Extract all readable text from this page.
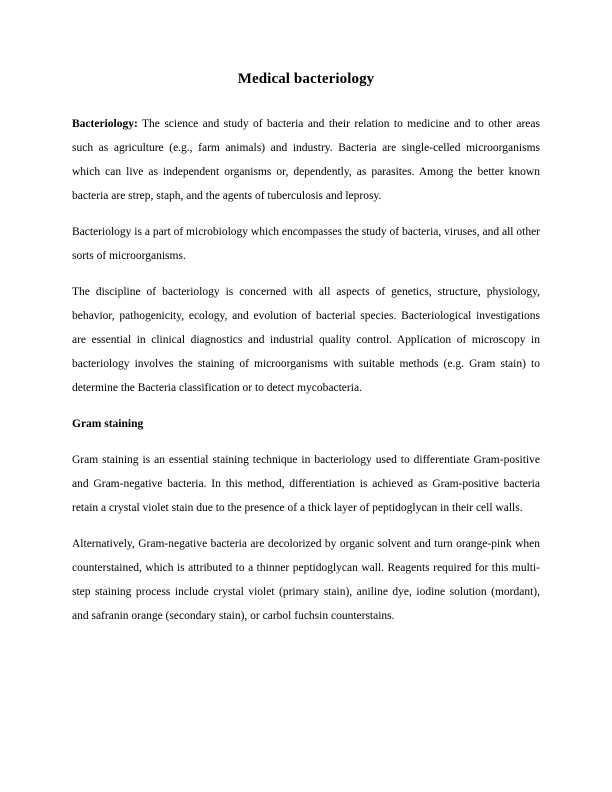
Medical bacteriology

Bacteriology: The science and study of bacteria and their relation to medicine and to other areas such as agriculture (e.g., farm animals) and industry. Bacteria are single-celled microorganisms which can live as independent organisms or, dependently, as parasites. Among the better known bacteria are strep, staph, and the agents of tuberculosis and leprosy.

Bacteriology is a part of microbiology which encompasses the study of bacteria, viruses, and all other sorts of microorganisms.

The discipline of bacteriology is concerned with all aspects of genetics, structure, physiology, behavior, pathogenicity, ecology, and evolution of bacterial species. Bacteriological investigations are essential in clinical diagnostics and industrial quality control. Application of microscopy in bacteriology involves the staining of microorganisms with suitable methods (e.g. Gram stain) to determine the Bacteria classification or to detect mycobacteria.

Gram staining

Gram staining is an essential staining technique in bacteriology used to differentiate Gram-positive and Gram-negative bacteria. In this method, differentiation is achieved as Gram-positive bacteria retain a crystal violet stain due to the presence of a thick layer of peptidoglycan in their cell walls.

Alternatively, Gram-negative bacteria are decolorized by organic solvent and turn orange-pink when counterstained, which is attributed to a thinner peptidoglycan wall. Reagents required for this multi-step staining process include crystal violet (primary stain), aniline dye, iodine solution (mordant), and safranin orange (secondary stain), or carbol fuchsin counterstains.
